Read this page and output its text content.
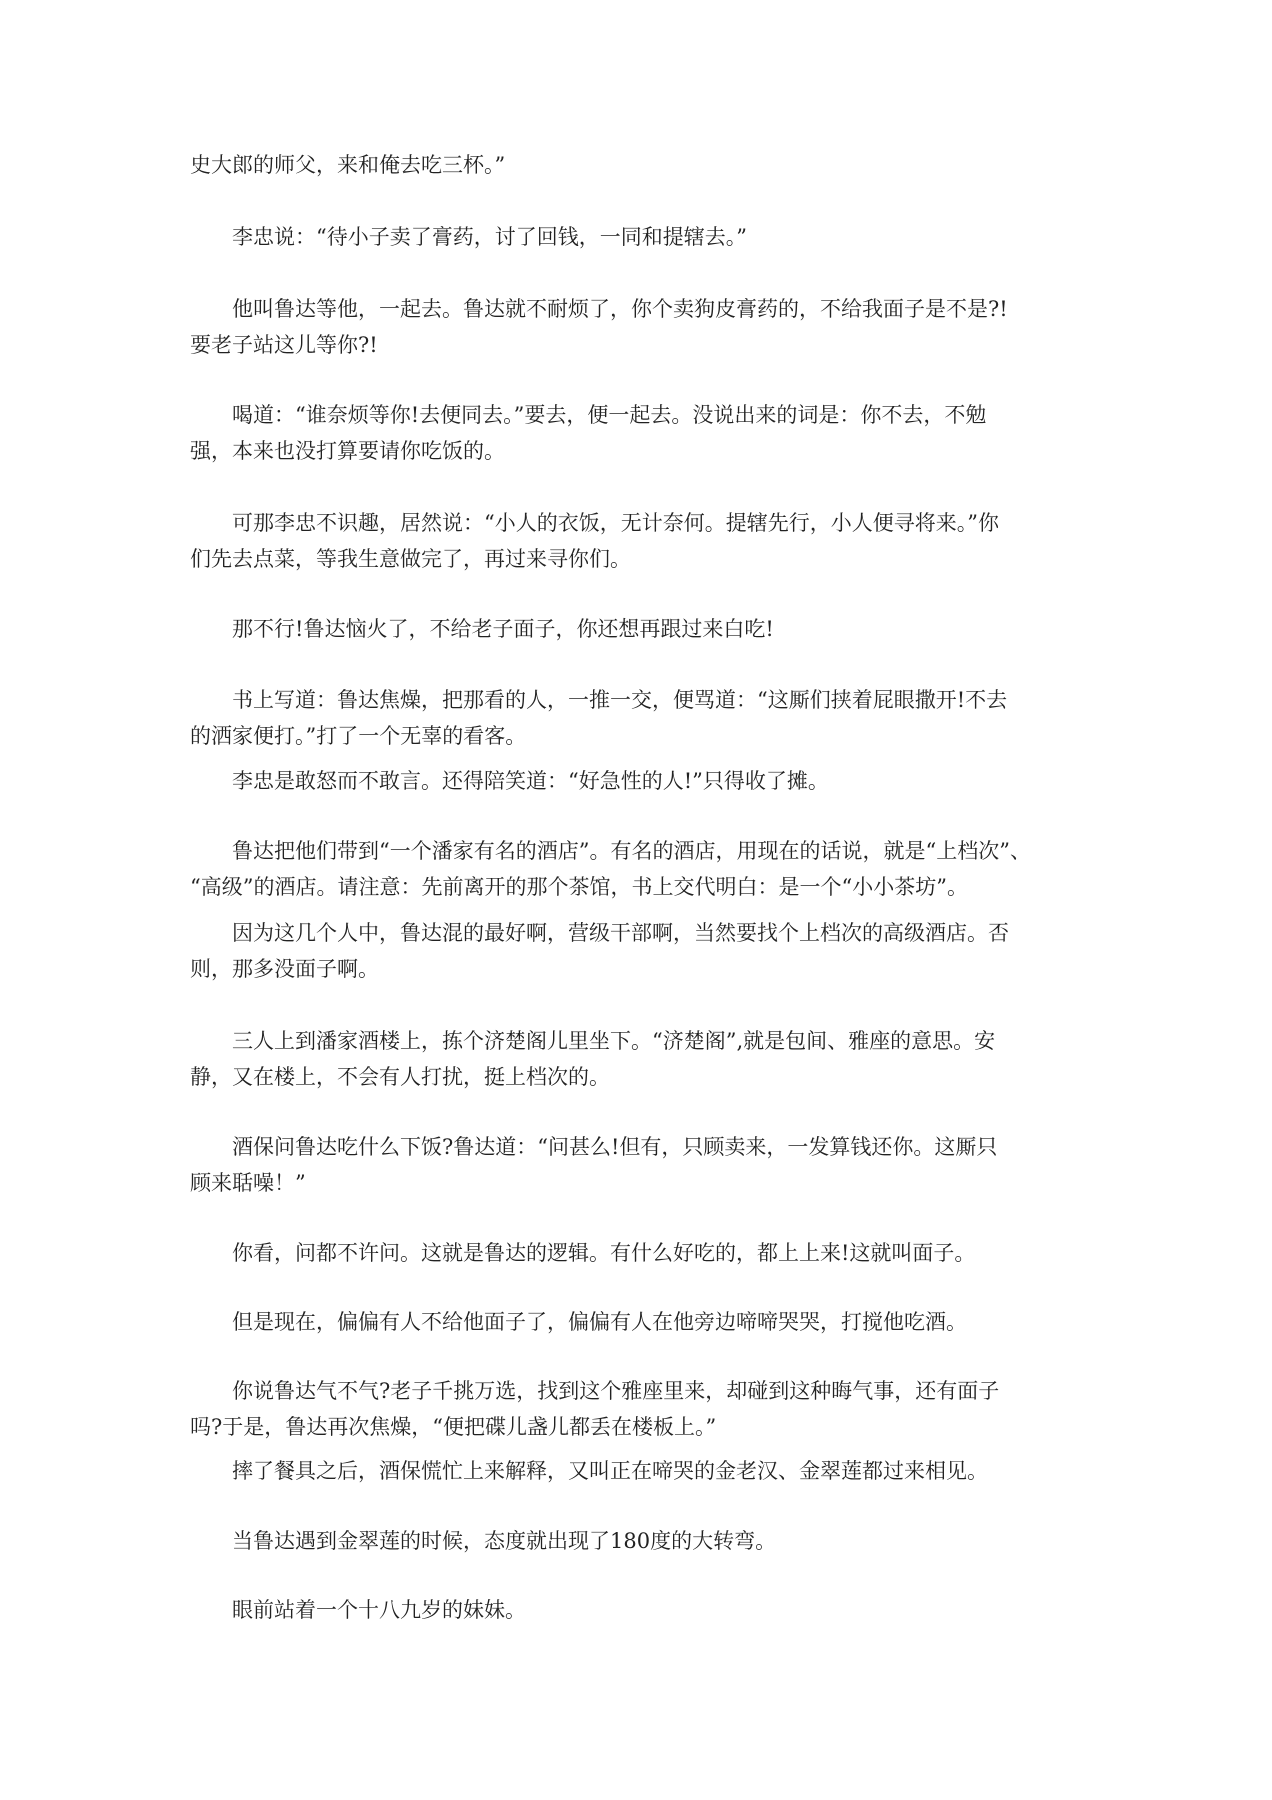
史大郎的师父，来和俺去吃三杯。”

李忠说：“待小子卖了膏药，讨了回钱，一同和提辖去。”

他叫鲁达等他，一起去。鲁达就不耐烦了，你个卖狗皮膏药的，不给我面子是不是?!
要老子站这儿等你?!

喝道：“谁奈烦等你!去便同去。”要去，便一起去。没说出来的词是：你不去，不勉
强，本来也没打算要请你吃饭的。

可那李忠不识趣，居然说：“小人的衣饭，无计奈何。提辖先行，小人便寻将来。”你
们先去点菜，等我生意做完了，再过来寻你们。

那不行!鲁达恼火了，不给老子面子，你还想再跟过来白吃!

书上写道：鲁达焦燥，把那看的人，一推一交，便骂道：“这厮们挟着屁眼撒开!不去
的洒家便打。”打了一个无辜的看客。

李忠是敢怒而不敢言。还得陪笑道：“好急性的人!”只得收了摊。

鲁达把他们带到“一个潘家有名的酒店”。有名的酒店，用现在的话说，就是“上档次”、
“高级”的酒店。请注意：先前离开的那个茶馆，书上交代明白：是一个“小小茶坊”。

因为这几个人中，鲁达混的最好啊，营级干部啊，当然要找个上档次的高级酒店。否
则，那多没面子啊。

三人上到潘家酒楼上，拣个济楚阁儿里坐下。“济楚阁”,就是包间、雅座的意思。安
静，又在楼上，不会有人打扰，挺上档次的。

酒保问鲁达吃什么下饭?鲁达道：“问甚么!但有，只顾卖来，一发算钱还你。这厮只
顾来聒噪！”

你看，问都不许问。这就是鲁达的逻辑。有什么好吃的，都上上来!这就叫面子。

但是现在，偏偏有人不给他面子了，偏偏有人在他旁边啼啼哭哭，打搅他吃酒。

你说鲁达气不气?老子千挑万选，找到这个雅座里来，却碰到这种晦气事，还有面子
吗?于是，鲁达再次焦燥，“便把碟儿盏儿都丢在楼板上。”

摔了餐具之后，酒保慌忙上来解释，又叫正在啼哭的金老汉、金翠莲都过来相见。

当鲁达遇到金翠莲的时候，态度就出现了180度的大转弯。

眼前站着一个十八九岁的妹妹。
